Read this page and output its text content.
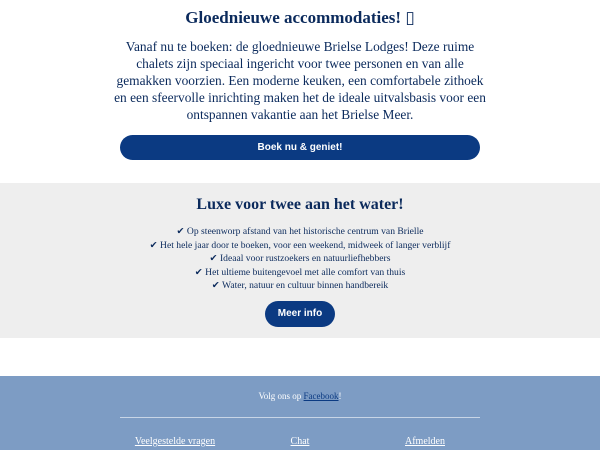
Gloednieuwe accommodaties! ▯

Vanaf nu te boeken: de gloednieuwe Brielse Lodges! Deze ruime chalets zijn speciaal ingericht voor twee personen en van alle gemakken voorzien. Een moderne keuken, een comfortabele zithoek en een sfeervolle inrichting maken het de ideale uitvalsbasis voor een ontspannen vakantie aan het Brielse Meer.

Boek nu & geniet!
Luxe voor twee aan het water!
✔ Op steenworp afstand van het historische centrum van Brielle
✔ Het hele jaar door te boeken, voor een weekend, midweek of langer verblijf
✔ Ideaal voor rustzoekers en natuurliefhebbers
✔ Het ultieme buitengevoel met alle comfort van thuis
✔ Water, natuur en cultuur binnen handbereik
Meer info
Volg ons op Facebook!
Veelgestelde vragen	Chat	Afmelden
